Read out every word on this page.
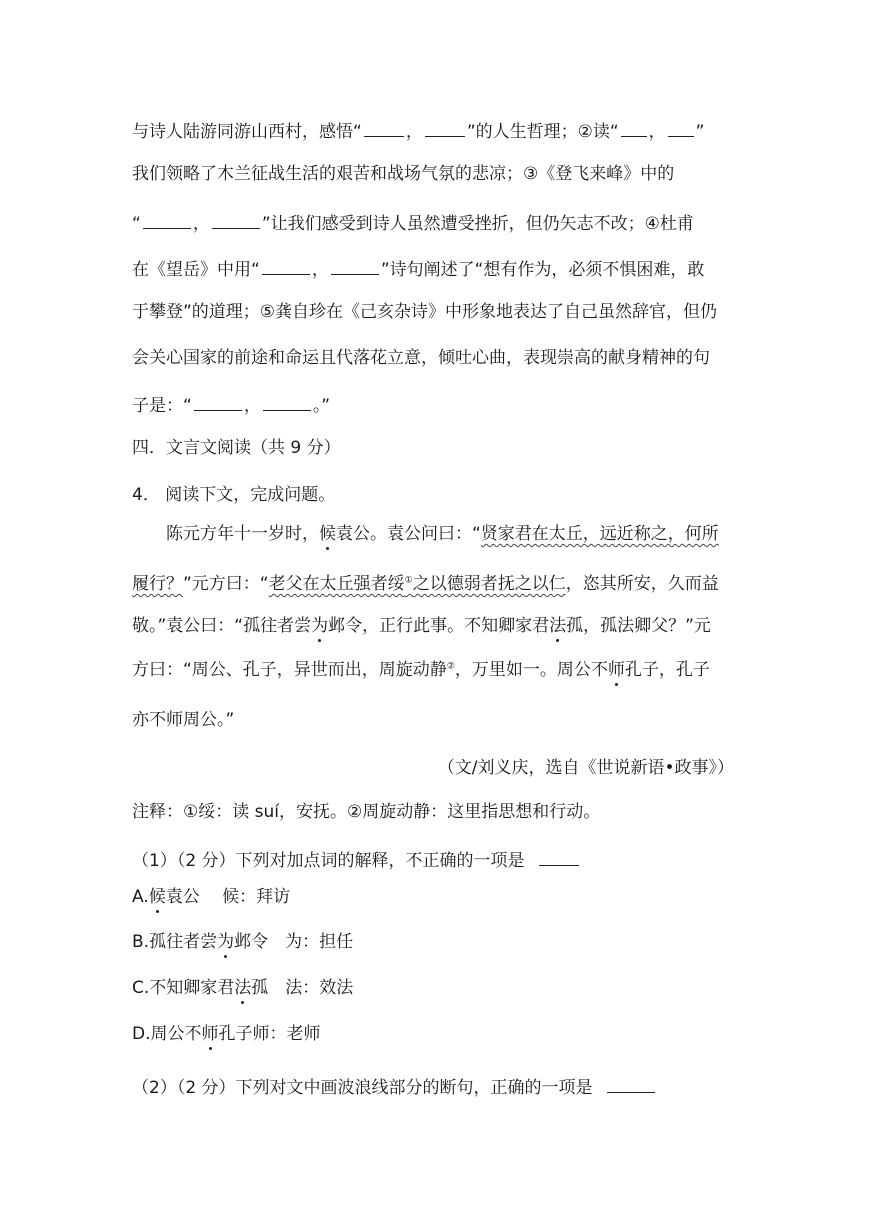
与诗人陆游同游山西村，感悟“	，	”的人生哲理；②读“ ， ”
我们领略了木兰征战生活的艰苦和战场气氛的悲凉；③《登飞来峰》中的
“	，	”让我们感受到诗人虽然遭受挫折，但仍矢志不改；④杜甫
在《望岳》中用“	，	”诗句阐述了“想有作为，必须不惧困难，敢
于攀登”的道理；⑤龚自珍在《己亥杂诗》中形象地表达了自己虽然辞官，但仍
会关心国家的前途和命运且代落花立意，倾吐心曲，表现崇高的献身精神的句
子是：“	，	。”
四．文言文阅读（共 9 分）
4． 阅读下文，完成问题。
陈元方年十一岁时，候袁公。袁公问曰：“贤家君在太丘，远近称之，何所
履行？”元方曰：“老父在太丘强者绥①之以德弱者抚之以仁，恣其所安，久而益
敬。”袁公曰：“孤往者尝为邺令，正行此事。不知卿家君法孤，孤法卿父？”元
方曰：“周公、孔子，异世而出，周旋动静②，万里如一。周公不师孔子，孔子
亦不师周公。”
（文/刘义庆，选自《世说新语•政事》）
注释：①绥：读 suí，安抚。②周旋动静：这里指思想和行动。
（1）（2 分）下列对加点词的解释，不正确的一项是
A.候袁公　 候：拜访
B.孤往者尝为邺令　为：担任
C.不知卿家君法孤　法：效法
D.周公不师孔子师：老师
（2）（2 分）下列对文中画波浪线部分的断句，正确的一项是
